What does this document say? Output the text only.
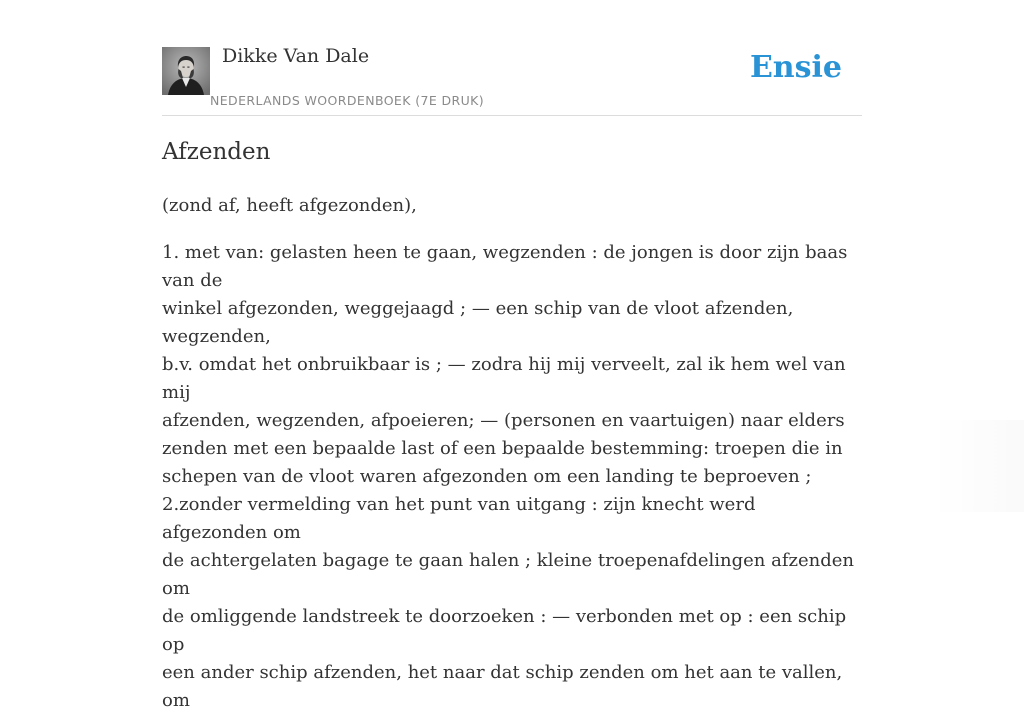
Dikke Van Dale
NEDERLANDS WOORDENBOEK (7E DRUK)
Ensie
Afzenden

(zond af, heeft afgezonden),

1. met van: gelasten heen te gaan, wegzenden : de jongen is door zijn baas van de

winkel afgezonden, weggejaagd ; — een schip van de vloot afzenden, wegzenden,

b.v. omdat het onbruikbaar is ; — zodra hij mij verveelt, zal ik hem wel van mij

afzenden, wegzenden, afpoeieren; — (personen en vaartuigen) naar elders

zenden met een bepaalde last of een bepaalde bestemming: troepen die in

schepen van de vloot waren afgezonden om een landing te beproeven ;

2.zonder vermelding van het punt van uitgang : zijn knecht werd afgezonden om

de achtergelaten bagage te gaan halen ; kleine troepenafdelingen afzenden om

de omliggende landstreek te doorzoeken : — verbonden met op : een schip op

een ander schip afzenden, het naar dat schip zenden om het aan te vallen, om
